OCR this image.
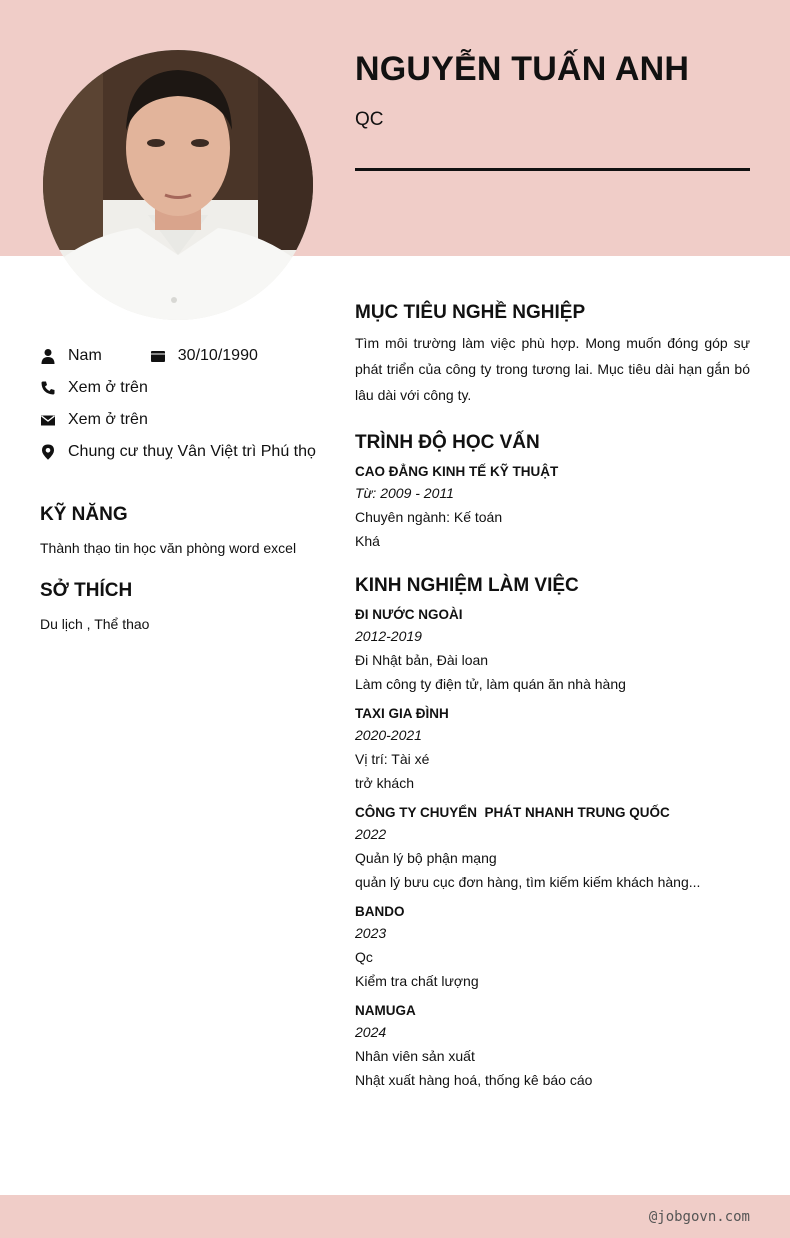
NGUYỄN TUẤN ANH
QC
Nam	30/10/1990
Xem ở trên
Xem ở trên
Chung cư thuỵ Vân Việt trì Phú thọ
KỸ NĂNG

Thành thạo tin học văn phòng word excel

SỞ THÍCH

Du lịch , Thể thao

MỤC TIÊU NGHỀ NGHIỆP

Tìm môi trường làm việc phù hợp. Mong muốn đóng góp sự phát triển của công ty trong tương lai. Mục tiêu dài hạn gắn bó lâu dài với công ty.

TRÌNH ĐỘ HỌC VẤN
CAO ĐẲNG KINH TẾ KỸ THUẬT
Từ: 2009 - 2011
Chuyên ngành: Kế toán
Khá
KINH NGHIỆM LÀM VIỆC
ĐI NƯỚC NGOÀI
2012-2019
Đi Nhật bản, Đài loan
Làm công ty điện tử, làm quán ăn nhà hàng
TAXI GIA ĐÌNH
2020-2021
Vị trí: Tài xé
trở khách
CÔNG TY CHUYỂN  PHÁT NHANH TRUNG QUỐC
2022
Quản lý bộ phận mạng
quản lý bưu cục đơn hàng, tìm kiếm kiếm khách hàng...
BANDO
2023
Qc
Kiểm tra chất lượng
NAMUGA
2024
Nhân viên sản xuất
Nhật xuất hàng hoá, thống kê báo cáo
@jobgovn.com
